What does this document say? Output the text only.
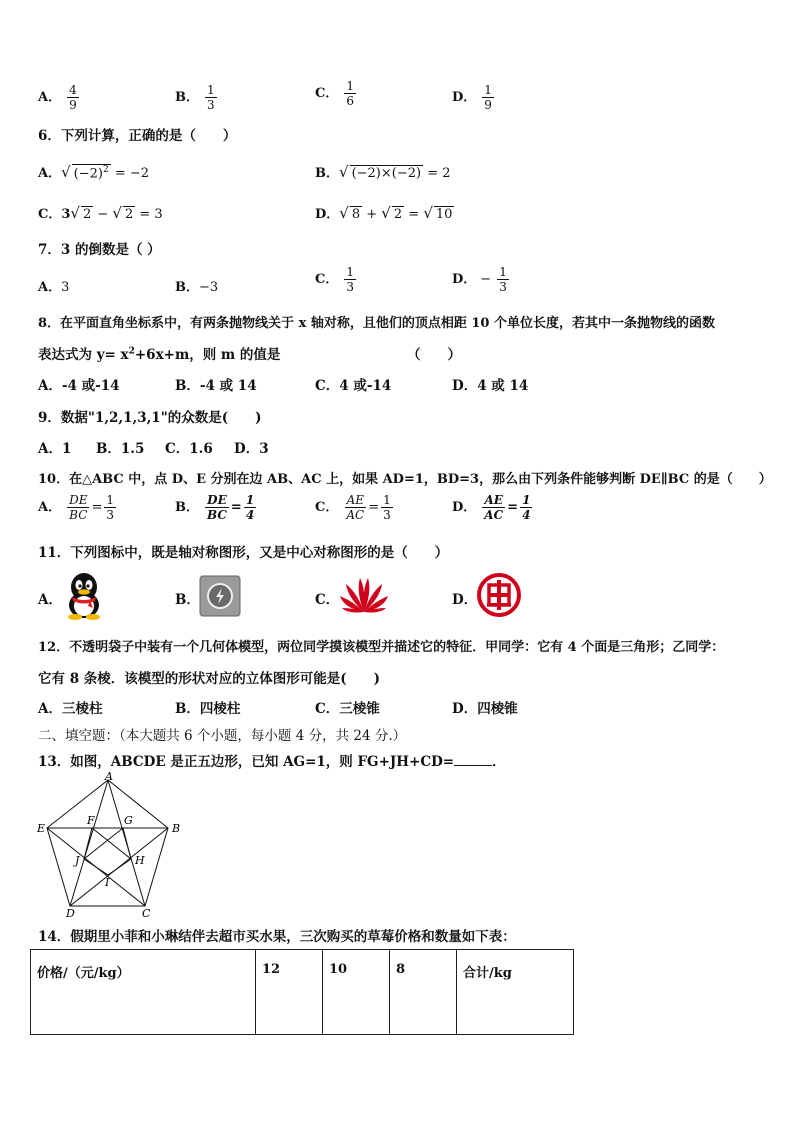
A． $\frac{4}{9}$	B． $\frac{1}{3}$	C． $\frac{1}{6}$	D． $\frac{1}{9}$
6．下列计算，正确的是（　　）
A．√ $(-2)^2 = -2$	B．√ (−2)×(−2) = 2
C．3√ 2 − √ 2 = 3	D．√ 8 + √ 2 = √ 10
7．3 的倒数是（ ）
A．3	B．−3
C． $\frac{1}{3}$	D． − $\frac{1}{3}$
8．在平面直角坐标系中，有两条抛物线关于 x 轴对称，且他们的顶点相距 10 个单位长度，若其中一条抛物线的函数
表达式为 $y= x^2+6x+m$，则 m 的值是	（　　）
A．-4 或-14	B．-4 或 14	C．4 或-14	D．4 或 14
9．数据"1,2,1,3,1"的众数是(　　)
A．1 B．1.5 C．1.6 D．3
10．在△ABC 中，点 D、E 分别在边 AB、AC 上，如果 AD=1，BD=3，那么由下列条件能够判断 DE∥BC 的是（　　）
A． $\frac{DE}{BC} = \frac{1}{3}$	B． $\frac{DE}{BC} = \frac{1}{4}$	C． $\frac{AE}{AC} = \frac{1}{3}$	D． $\frac{AE}{AC} = \frac{1}{4}$
11．下列图标中，既是轴对称图形，又是中心对称图形的是（　　）
A．	B．	C．	D．
12．不透明袋子中装有一个几何体模型，两位同学摸该模型并描述它的特征．甲同学：它有 4 个面是三角形；乙同学：
它有 8 条棱．该模型的形状对应的立体图形可能是(　　)
A．三棱柱	B．四棱柱	C．三棱锥	D．四棱锥
二、填空题：（本大题共 6 个小题，每小题 4 分，共 24 分.）
13．如图，ABCDE 是正五边形，已知 AG=1，则 FG+JH+CD=	．
A
B
C
D
E
F	G
H
I
J
14．假期里小菲和小琳结伴去超市买水果，三次购买的草莓价格和数量如下表：
价格/（元/kg）	12	10	8	合计/kg
